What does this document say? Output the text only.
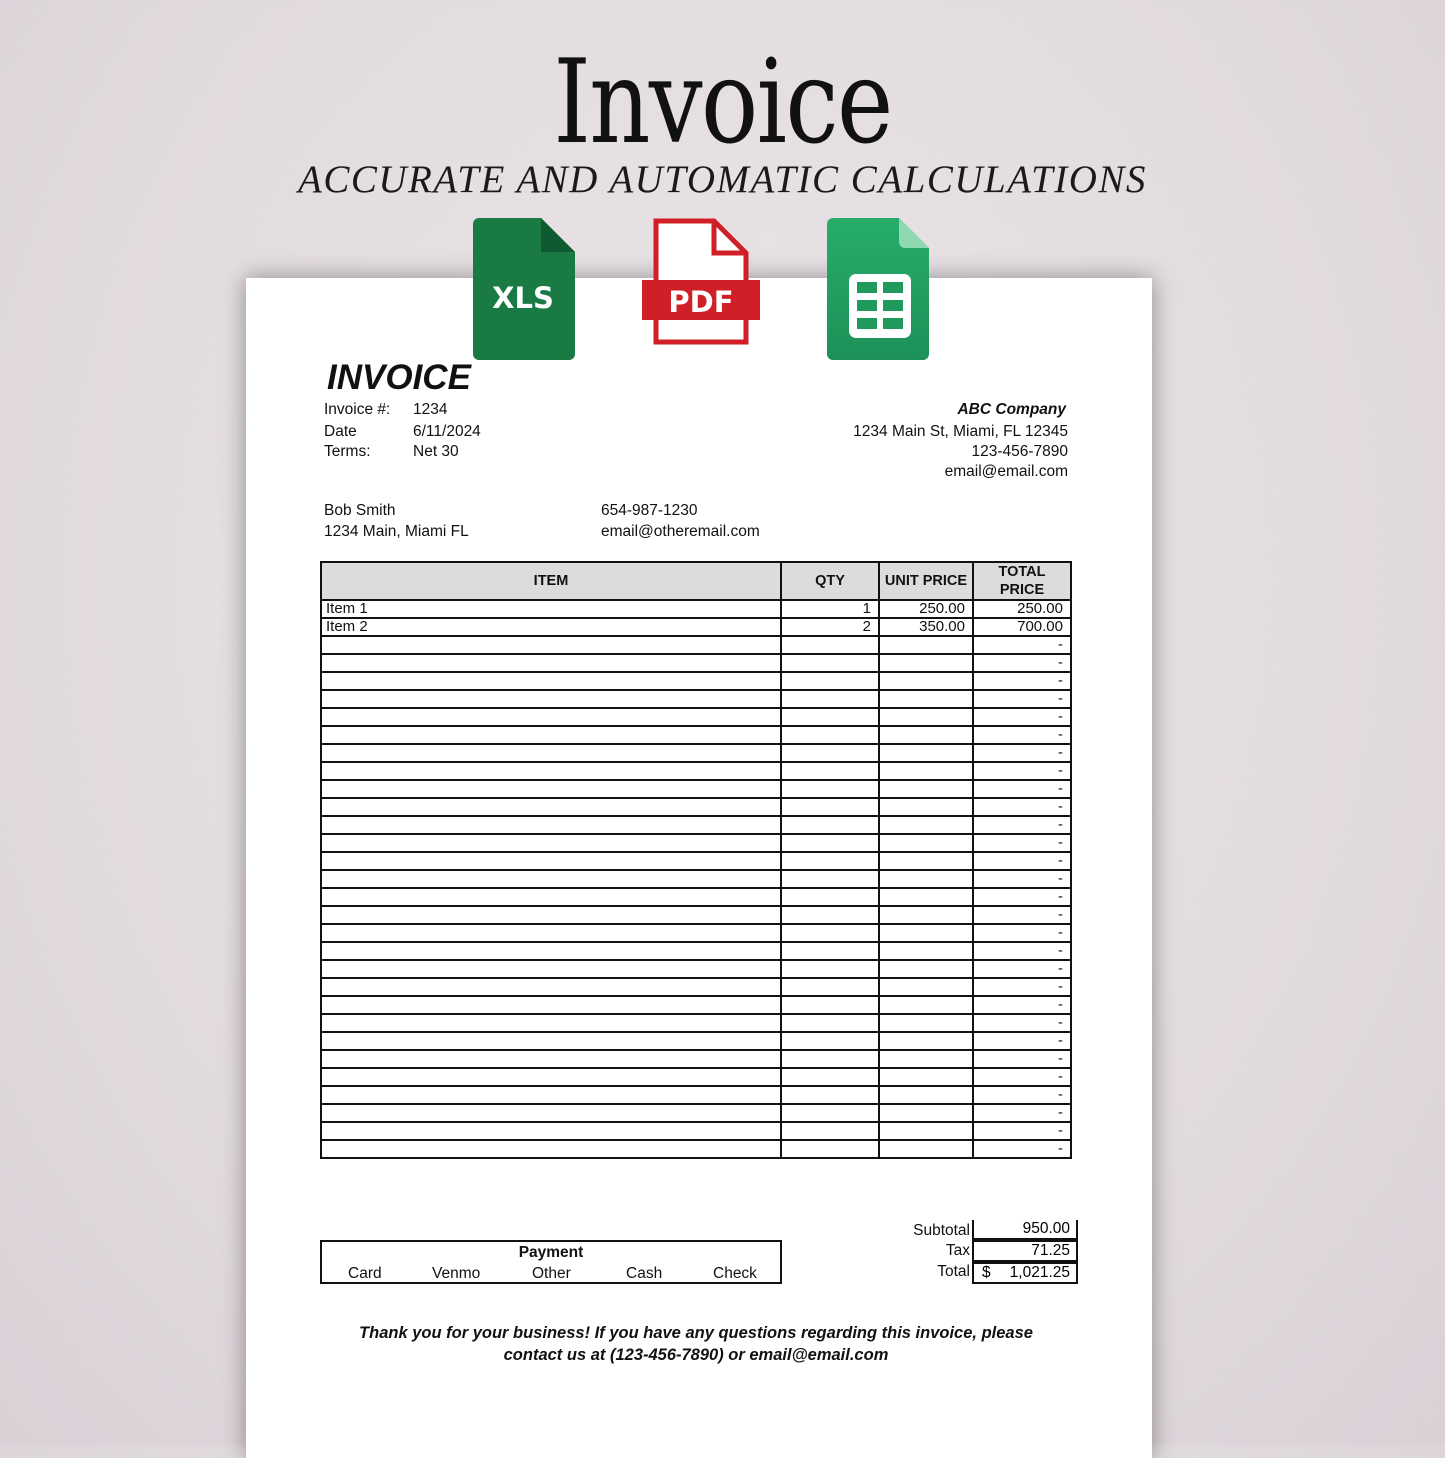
Invoice
ACCURATE AND AUTOMATIC CALCULATIONS
XLS	PDF
INVOICE
Invoice #: 1234
Date	6/11/2024
Terms:	Net 30
ABC Company
1234 Main St, Miami, FL 12345
123-456-7890
email@email.com
Bob Smith
1234 Main, Miami FL
654-987-1230
email@otheremail.com
ITEM	QTY	UNIT PRICE	TOTAL PRICE
Item 1	1	250.00	250.00
Item 2	2	350.00	700.00
			-
			-
			-
			-
			-
			-
			-
			-
			-
			-
			-
			-
			-
			-
			-
			-
			-
			-
			-
			-
			-
			-
			-
			-
			-
			-
			-
			-
			-
Payment
Card	Venmo	Other	Cash	Check
Subtotal	950.00
Tax	71.25
Total $ 1,021.25
Thank you for your business! If you have any questions regarding this invoice, please
contact us at (123-456-7890) or email@email.com
